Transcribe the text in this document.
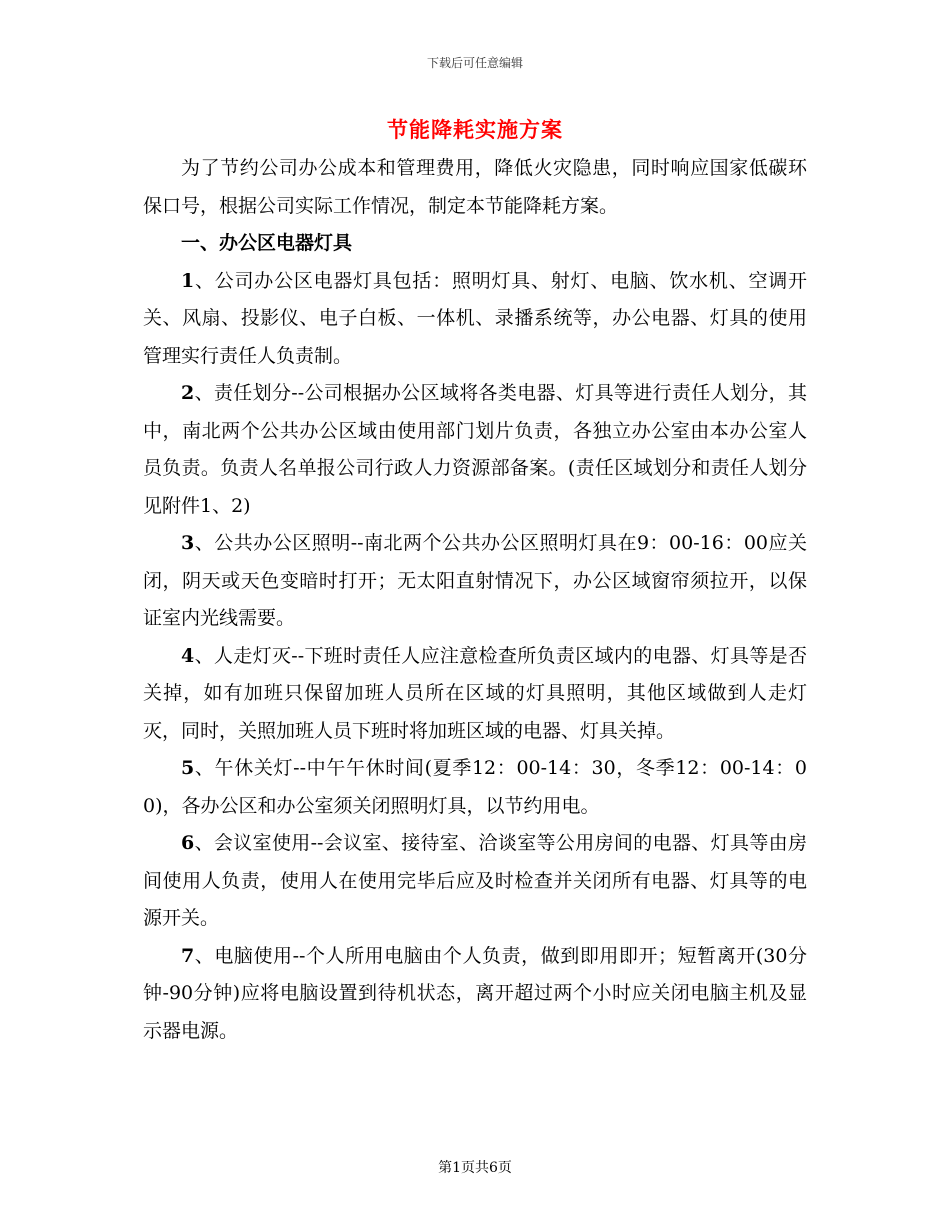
下载后可任意编辑
节能降耗实施方案

为了节约公司办公成本和管理费用，降低火灾隐患，同时响应国家低碳环保口号，根据公司实际工作情况，制定本节能降耗方案。

一、办公区电器灯具

1、公司办公区电器灯具包括：照明灯具、射灯、电脑、饮水机、空调开关、风扇、投影仪、电子白板、一体机、录播系统等，办公电器、灯具的使用管理实行责任人负责制。

2、责任划分--公司根据办公区域将各类电器、灯具等进行责任人划分，其中，南北两个公共办公区域由使用部门划片负责，各独立办公室由本办公室人员负责。负责人名单报公司行政人力资源部备案。(责任区域划分和责任人划分见附件1、2)

3、公共办公区照明--南北两个公共办公区照明灯具在9：00-16：00应关闭，阴天或天色变暗时打开；无太阳直射情况下，办公区域窗帘须拉开，以保证室内光线需要。

4、人走灯灭--下班时责任人应注意检查所负责区域内的电器、灯具等是否关掉，如有加班只保留加班人员所在区域的灯具照明，其他区域做到人走灯灭，同时，关照加班人员下班时将加班区域的电器、灯具关掉。

5、午休关灯--中午午休时间(夏季12：00-14：30，冬季12：00-14：00)，各办公区和办公室须关闭照明灯具，以节约用电。

6、会议室使用--会议室、接待室、洽谈室等公用房间的电器、灯具等由房间使用人负责，使用人在使用完毕后应及时检查并关闭所有电器、灯具等的电源开关。

7、电脑使用--个人所用电脑由个人负责，做到即用即开；短暂离开(30分钟-90分钟)应将电脑设置到待机状态，离开超过两个小时应关闭电脑主机及显示器电源。

第1页共6页
